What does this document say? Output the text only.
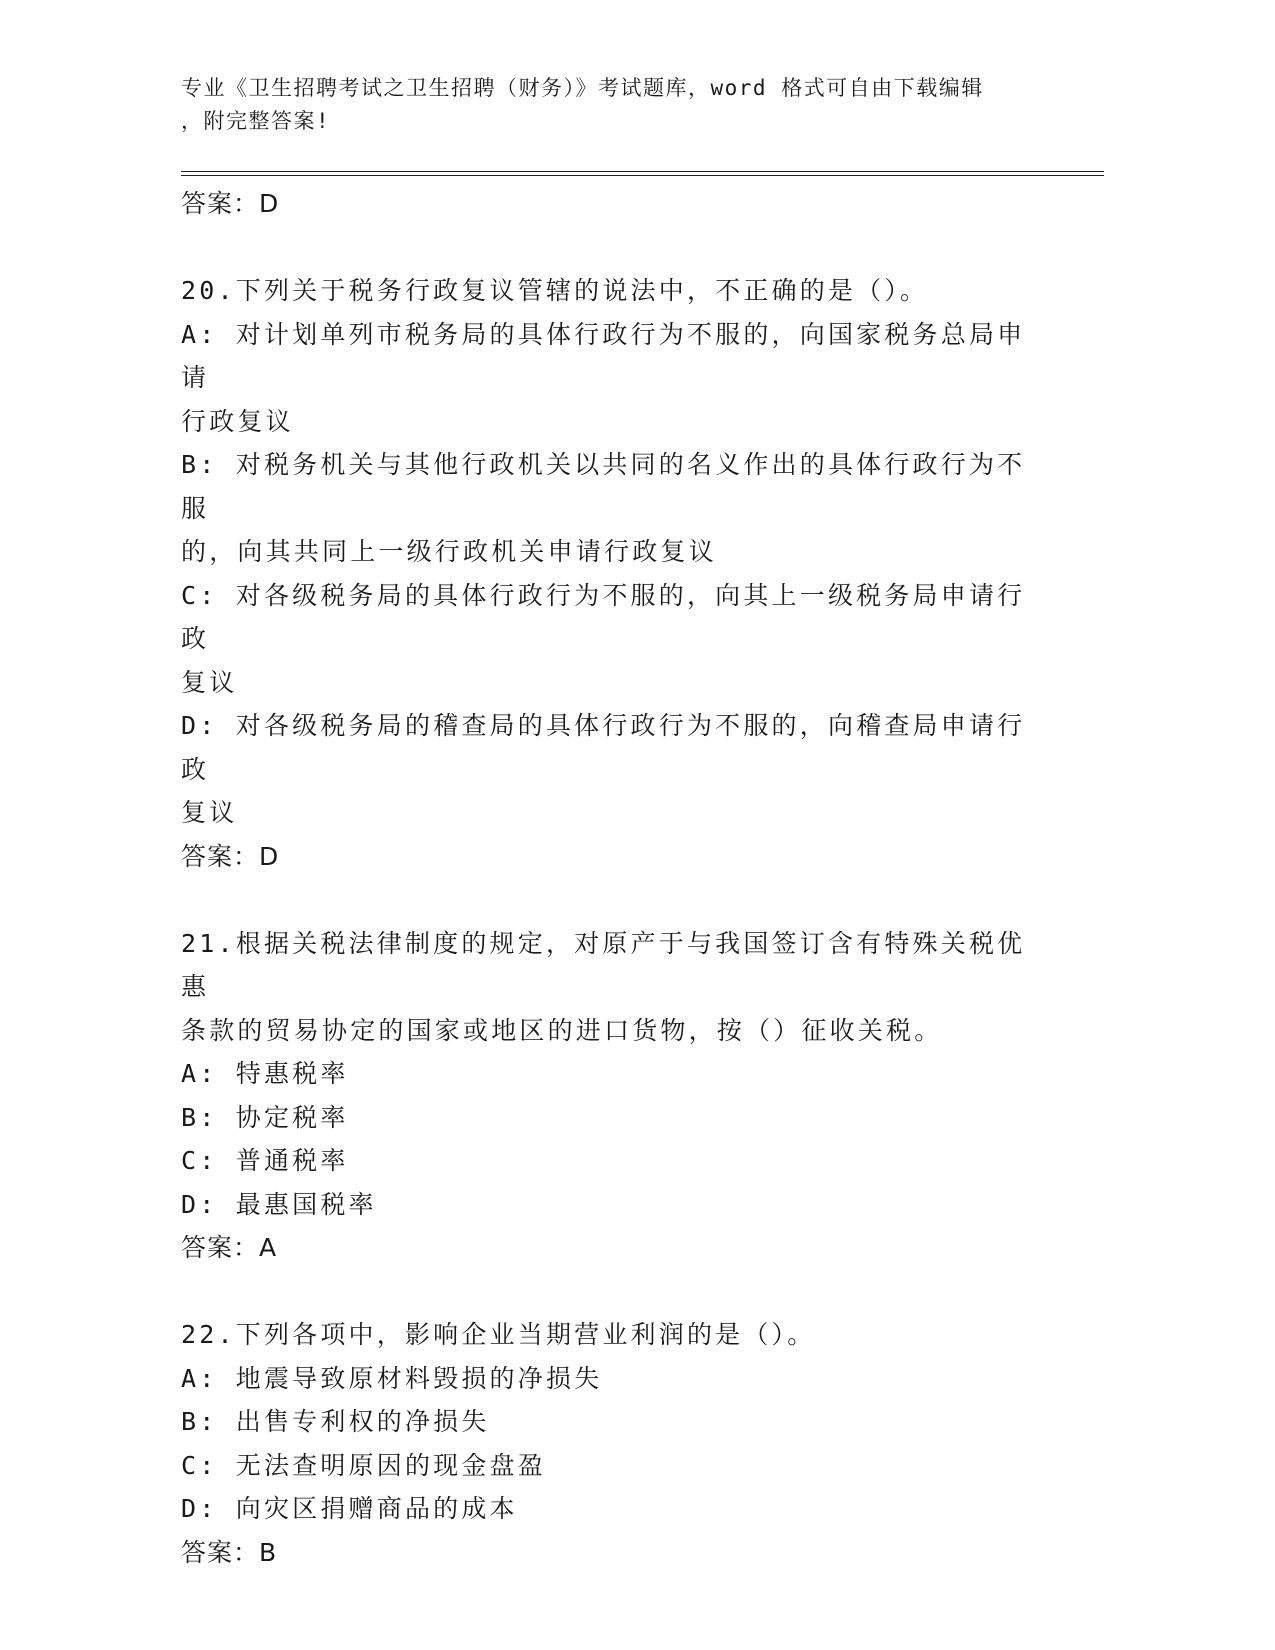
专业《卫生招聘考试之卫生招聘（财务）》考试题库，word 格式可自由下载编辑
，附完整答案!
答案：D
20.下列关于税务行政复议管辖的说法中，不正确的是（）。
A: 对计划单列市税务局的具体行政行为不服的，向国家税务总局申请
行政复议
B: 对税务机关与其他行政机关以共同的名义作出的具体行政行为不服
的，向其共同上一级行政机关申请行政复议
C: 对各级税务局的具体行政行为不服的，向其上一级税务局申请行政
复议
D: 对各级税务局的稽查局的具体行政行为不服的，向稽查局申请行政
复议
答案：D
21.根据关税法律制度的规定，对原产于与我国签订含有特殊关税优惠
条款的贸易协定的国家或地区的进口货物，按（）征收关税。
A: 特惠税率
B: 协定税率
C: 普通税率
D: 最惠国税率
答案：A
22.下列各项中，影响企业当期营业利润的是（）。
A: 地震导致原材料毁损的净损失
B: 出售专利权的净损失
C: 无法查明原因的现金盘盈
D: 向灾区捐赠商品的成本
答案：B
